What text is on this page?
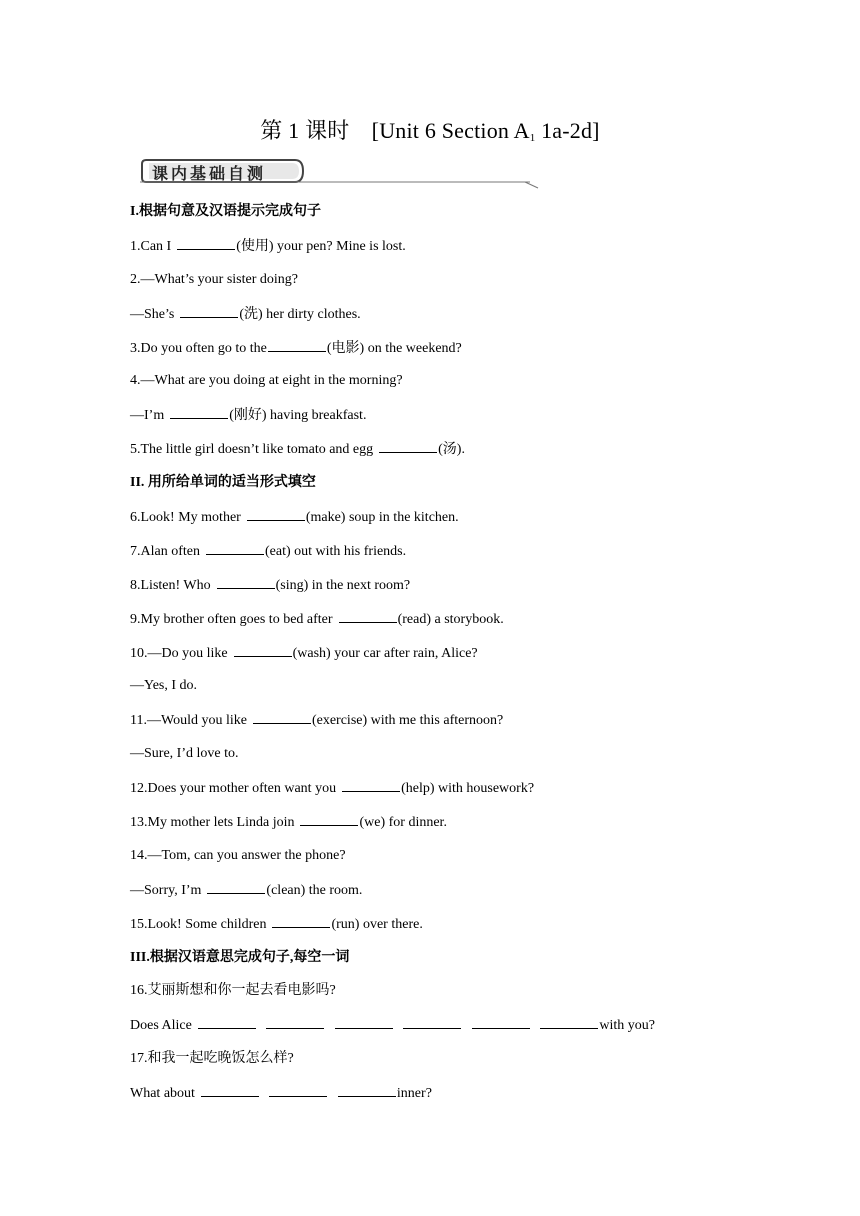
第 1 课时　[Unit 6 Section $A_1$ 1a-2d]
课内基础自测
I.根据句意及汉语提示完成句子
1.Can I	(使用) your pen? Mine is lost.
2.—What’s your sister doing?
—She’s	(洗) her dirty clothes.
3.Do you often go to the	(电影) on the weekend?
4.—What are you doing at eight in the morning?
—I’m	(刚好) having breakfast.
5.The little girl doesn’t like tomato and egg	(汤).
II. 用所给单词的适当形式填空
6.Look! My mother	(make) soup in the kitchen.
7.Alan often	(eat) out with his friends.
8.Listen! Who	(sing) in the next room?
9.My brother often goes to bed after	(read) a storybook.
10.—Do you like	(wash) your car after rain, Alice?
—Yes, I do.
11.—Would you like	(exercise) with me this afternoon?
—Sure, I’d love to.
12.Does your mother often want you	(help) with housework?
13.My mother lets Linda join	(we) for dinner.
14.—Tom, can you answer the phone?
—Sorry, I’m	(clean) the room.
15.Look! Some children	(run) over there.
III.根据汉语意思完成句子,每空一词
16.艾丽斯想和你一起去看电影吗?
Does Alice	with you?
17.和我一起吃晚饭怎么样?
What about	inner?
